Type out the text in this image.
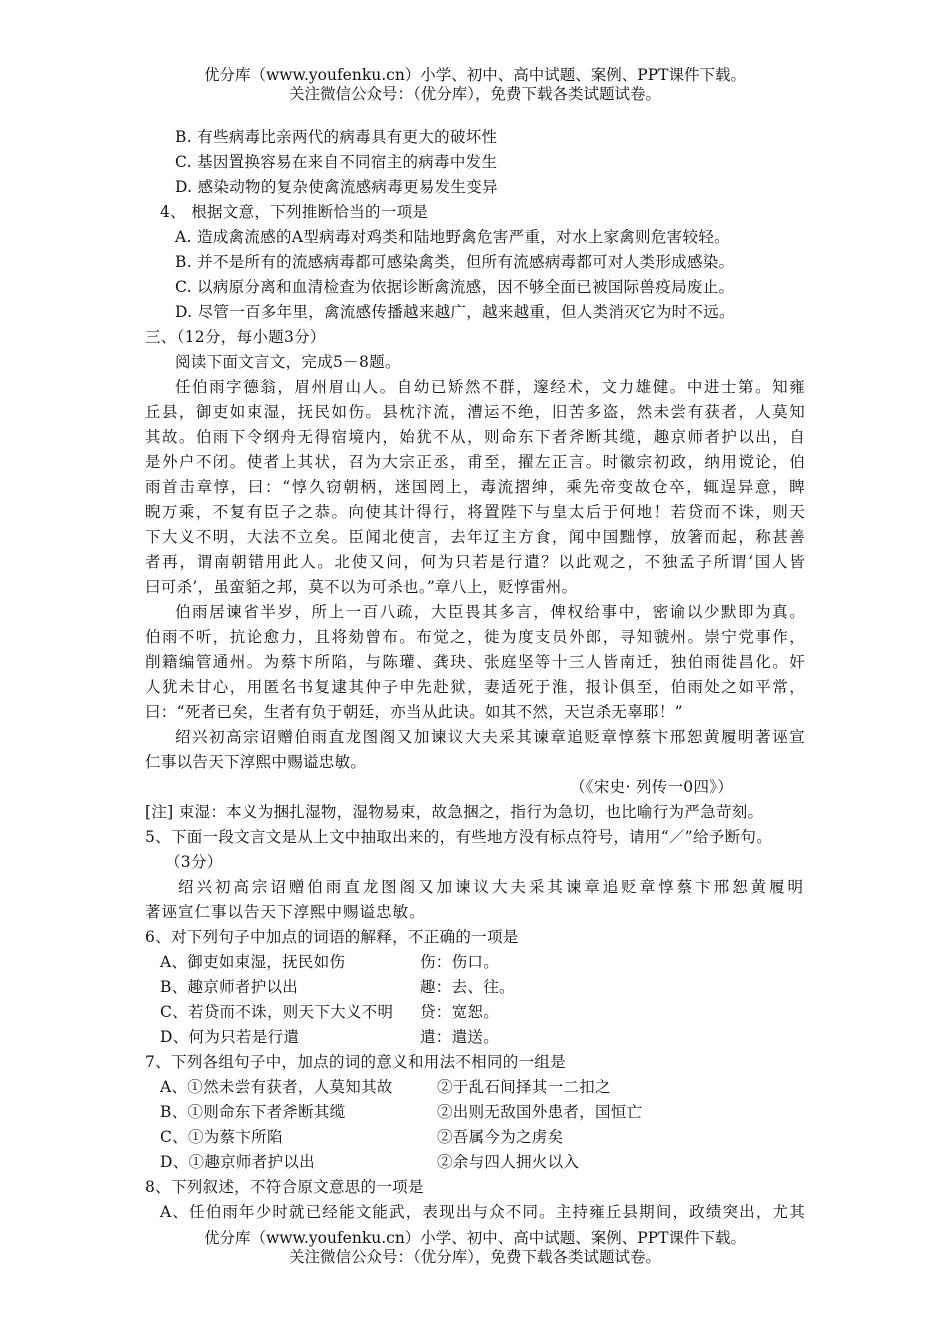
优分库（www.youfenku.cn）小学、初中、高中试题、案例、PPT课件下载。
关注微信公众号：（优分库），免费下载各类试题试卷。
B. 有些病毒比亲两代的病毒具有更大的破坏性
C. 基因置换容易在来自不同宿主的病毒中发生
D. 感染动物的复杂使禽流感病毒更易发生变异
4、 根据文意，下列推断恰当的一项是
A. 造成禽流感的A型病毒对鸡类和陆地野禽危害严重，对水上家禽则危害较轻。
B. 并不是所有的流感病毒都可感染禽类，但所有流感病毒都可对人类形成感染。
C. 以病原分离和血清检查为依据诊断禽流感，因不够全面已被国际兽疫局废止。
D. 尽管一百多年里，禽流感传播越来越广，越来越重，但人类消灭它为时不远。
三、（12分，每小题3分）
阅读下面文言文，完成5－8题。
任伯雨字德翁，眉州眉山人。自幼已矫然不群，邃经术，文力雄健。中进士第。知雍
丘县，御吏如束湿，抚民如伤。县枕汴流，漕运不绝，旧苦多盗，然未尝有获者，人莫知
其故。伯雨下令纲舟无得宿境内，始犹不从，则命东下者斧断其缆，趣京师者护以出，自
是外户不闭。使者上其状，召为大宗正丞，甫至，擢左正言。时徽宗初政，纳用谠论，伯
雨首击章惇，曰：“惇久窃朝柄，迷国罔上，毒流摺绅，乘先帝变故仓卒，辄逞异意，睥
睨万乘，不复有臣子之恭。向使其计得行，将置陛下与皇太后于何地！若贷而不诛，则天
下大义不明，大法不立矣。臣闻北使言，去年辽主方食，闻中国黜惇，放箸而起，称甚善
者再，谓南朝错用此人。北使又问，何为只若是行遣？以此观之，不独孟子所谓‘国人皆
曰可杀’，虽蛮貊之邦，莫不以为可杀也。”章八上，贬惇雷州。
伯雨居谏省半岁，所上一百八疏，大臣畏其多言，俾权给事中，密谕以少默即为真。
伯雨不听，抗论愈力，且将劾曾布。布觉之，徙为度支员外郎，寻知虢州。崇宁党事作，
削籍编管通州。为蔡卞所陷，与陈瓘、龚玦、张庭坚等十三人皆南迁，独伯雨徙昌化。奸
人犹未甘心，用匿名书复逮其仲子申先赴狱，妻适死于淮，报讣俱至，伯雨处之如平常，
曰：“死者已矣，生者有负于朝廷，亦当从此诀。如其不然，天岂杀无辜耶！”
绍兴初高宗诏赠伯雨直龙图阁又加谏议大夫采其谏章追贬章惇蔡卞邢恕黄履明著诬宣
仁事以告天下淳熙中赐谥忠敏。
（《宋史· 列传一0四》）
[注] 束湿：本义为捆扎湿物，湿物易束，故急捆之，指行为急切，也比喻行为严急苛刻。
5、下面一段文言文是从上文中抽取出来的，有些地方没有标点符号，请用“／”给予断句。
（3分）
绍兴初高宗诏赠伯雨直龙图阁又加谏议大夫采其谏章追贬章惇蔡卞邢恕黄履明
著诬宣仁事以告天下淳熙中赐谥忠敏。
6、对下列句子中加点的词语的解释，不正确的一项是
A、御吏如束湿，抚民如伤	伤：伤口。
B、趣京师者护以出	趣：去、往。
C、若贷而不诛，则天下大义不明 贷：宽恕。
D、何为只若是行遣	遣：遣送。
7、下列各组句子中，加点的词的意义和用法不相同的一组是
A、①然未尝有获者，人莫知其故	②于乱石间择其一二扣之
B、①则命东下者斧断其缆	②出则无敌国外患者，国恒亡
C、①为蔡卞所陷	②吾属今为之虏矣
D、①趣京师者护以出	②余与四人拥火以入
8、下列叙述，不符合原文意思的一项是
A、任伯雨年少时就已经能文能武，表现出与众不同。主持雍丘县期间，政绩突出，尤其
优分库（www.youfenku.cn）小学、初中、高中试题、案例、PPT课件下载。
关注微信公众号：（优分库），免费下载各类试题试卷。
